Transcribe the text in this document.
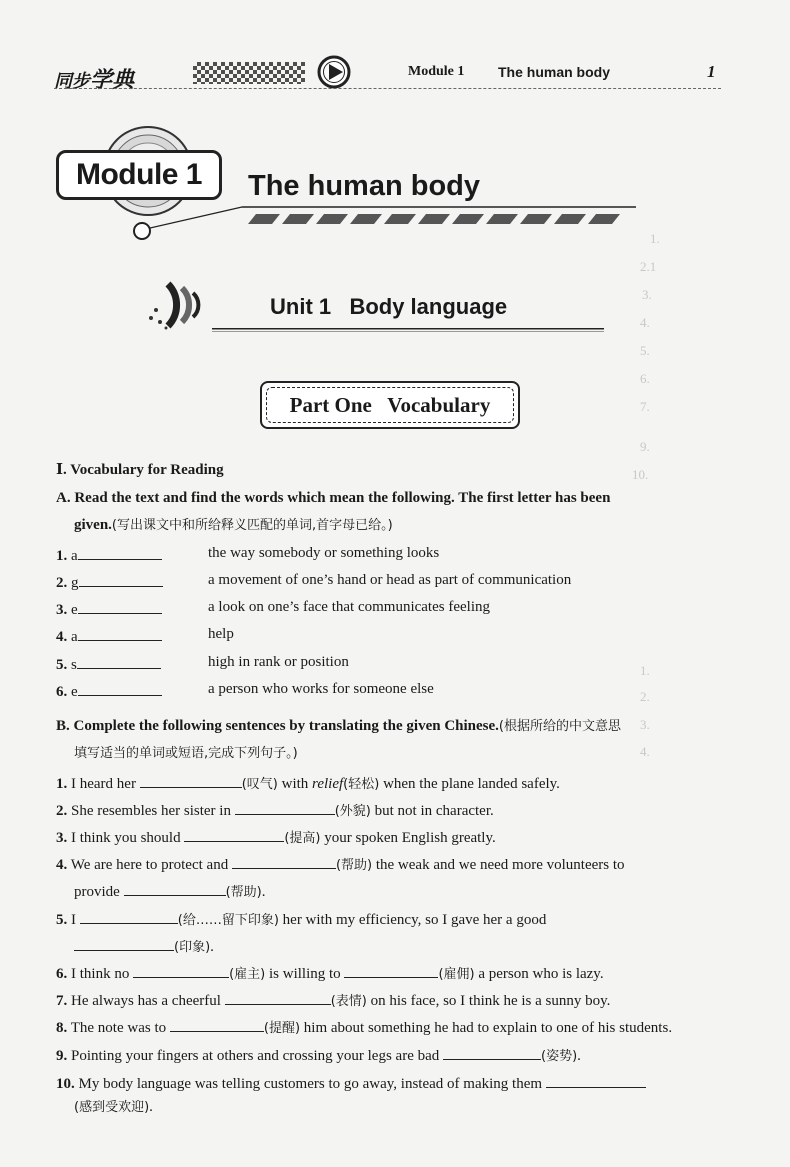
1.
2.1
3.
4.
5.
6.
7.
9.
10.
1.
2.
3.
4.
同步学典	Module 1 The human body	1
Module 1	The human body
Unit 1   Body language
Part One   Vocabulary
Ⅰ. Vocabulary for Reading
A. Read the text and find the words which mean the following. The first letter has been
given.(写出课文中和所给释义匹配的单词,首字母已给。)
1. a	the way somebody or something looks
2. g	a movement of one’s hand or head as part of communication
3. e	a look on one’s face that communicates feeling
4. a	help
5. s	high in rank or position
6. e	a person who works for someone else
B. Complete the following sentences by translating the given Chinese.(根据所给的中文意思
填写适当的单词或短语,完成下列句子。)
1. I heard her	(叹气) with relief(轻松) when the plane landed safely.
2. She resembles her sister in	(外貌) but not in character.
3. I think you should	(提高) your spoken English greatly.
4. We are here to protect and	(帮助) the weak and we need more volunteers to
provide	(帮助).
5. I	(给……留下印象) her with my efficiency, so I gave her a good
(印象).
6. I think no	(雇主) is willing to	(雇佣) a person who is lazy.
7. He always has a cheerful	(表情) on his face, so I think he is a sunny boy.
8. The note was to	(提醒) him about something he had to explain to one of his students.
9. Pointing your fingers at others and crossing your legs are bad	(姿势).
10. My body language was telling customers to go away, instead of making them
(感到受欢迎).
